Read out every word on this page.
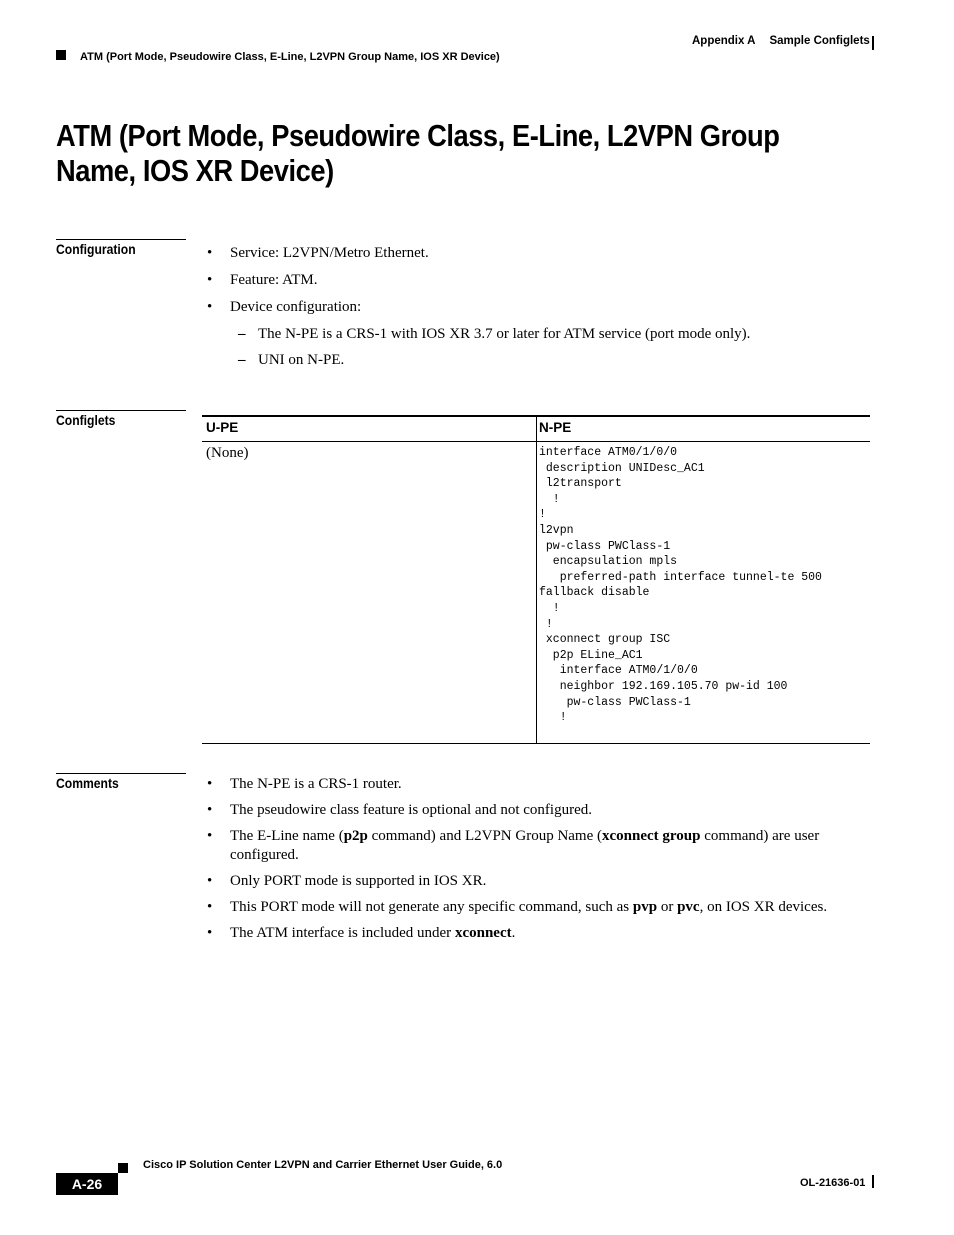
Appendix A Sample Configlets
ATM (Port Mode, Pseudowire Class, E-Line, L2VPN Group Name, IOS XR Device)
ATM (Port Mode, Pseudowire Class, E-Line, L2VPN Group
Name, IOS XR Device)
Configuration	• Service: L2VPN/Metro Ethernet.
• Feature: ATM.
• Device configuration:
– The N-PE is a CRS-1 with IOS XR 3.7 or later for ATM service (port mode only).
– UNI on N-PE.
Configlets	U-PE	N-PE
(None)	interface ATM0/1/0/0
description UNIDesc_AC1
l2transport
!
!
l2vpn
pw-class PWClass-1
encapsulation mpls
preferred-path interface tunnel-te 500
fallback disable
!
!
xconnect group ISC
p2p ELine_AC1
interface ATM0/1/0/0
neighbor 192.169.105.70 pw-id 100
pw-class PWClass-1
!
Comments	• The N-PE is a CRS-1 router.
• The pseudowire class feature is optional and not configured.
• The E-Line name (p2p command) and L2VPN Group Name (xconnect group command) are user configured.
• Only PORT mode is supported in IOS XR.
• This PORT mode will not generate any specific command, such as pvp or pvc, on IOS XR devices.
• The ATM interface is included under xconnect.
Cisco IP Solution Center L2VPN and Carrier Ethernet User Guide, 6.0
A-26	OL-21636-01
